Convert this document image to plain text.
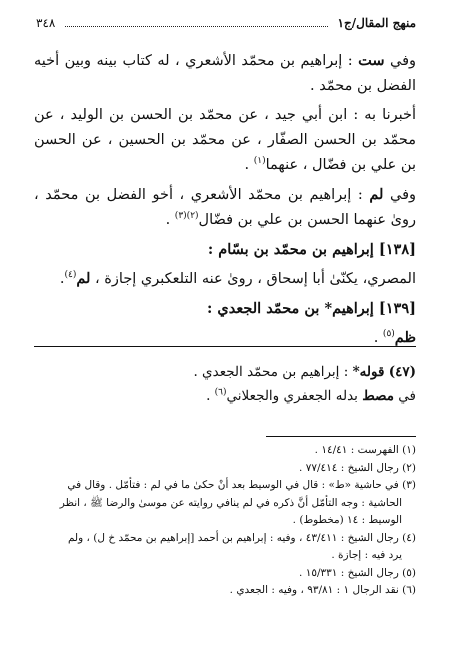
منهج المقال/ج١
٣٤٨

وفي ست : إبراهيم بن محمّد الأشعري ، له كتاب بينه وبين أخيه الفضل بن محمّد .

أخبرنا به : ابن أبي جيد ، عن محمّد بن الحسن بن الوليد ، عن محمّد بن الحسن الصفّار ، عن محمّد بن الحسين ، عن الحسن بن علي بن فضّال ، عنهما$^{(١)}$ .

وفي لم : إبراهيم بن محمّد الأشعري ، أخو الفضل بن محمّد ، روىٰ عنهما الحسن بن علي بن فضّال$^{(٢)(٣)}$ .

[١٣٨] إبراهيم بن محمّد بن بسّام :

المصري، يكنّىٰ أبا إسحاق ، روىٰ عنه التلعكبري إجازة ، لم$^{(٤)}$.

[١٣٩] إبراهيم* بن محمّد الجعدي :

ظم$^{(٥)}$ .

(٤٧) قوله* : إبراهيم بن محمّد الجعدي .

في مصط بدله الجعفري والجعلاني$^{(٦)}$ .

(١) الفهرست : ١٤/٤١ .

(٢) رجال الشيخ : ٧٧/٤١٤ .

(٣) في حاشية «ط» : قال في الوسيط بعد أنْ حكىٰ ما في لم : فتأمّل . وقال في

الحاشية : وجه التأمّل أنَّ ذكره في لم ينافي روايته عن موسىٰ والرضا ﷺ ، انظر

الوسيط : ١٤ (مخطوط) .

(٤) رجال الشيخ : ٤٣/٤١١ ، وفيه : إبراهيم بن أحمد [إبراهيم بن محمّد خ ل) ، ولم

يرد فيه : إجازة .

(٥) رجال الشيخ : ١٥/٣٣١ .

(٦) نقد الرجال ١ : ٩٣/٨١ ، وفيه : الجعدي .
